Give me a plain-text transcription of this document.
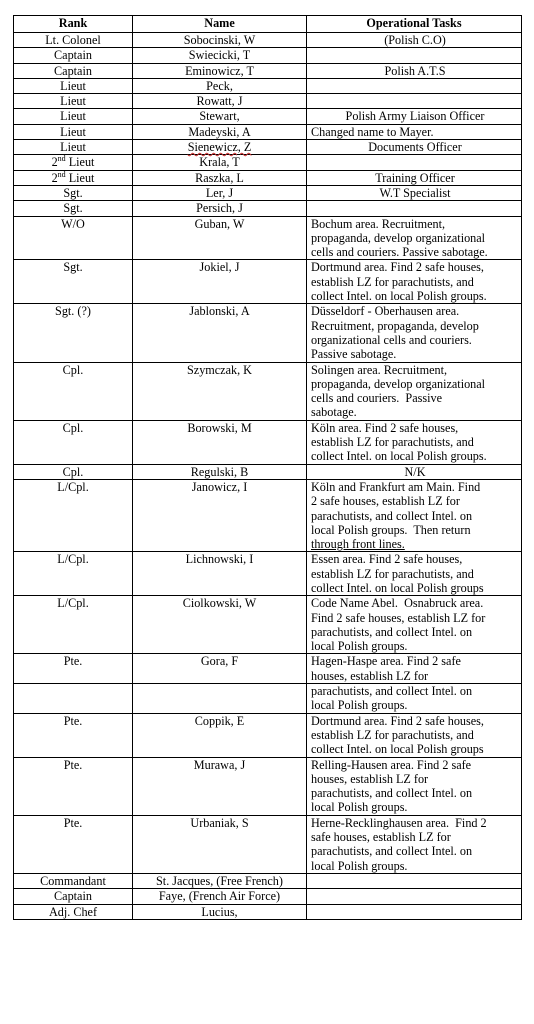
Rank	Name	Operational Tasks
Lt. Colonel	Sobocinski, W	(Polish C.O)
Captain	Swiecicki, T	
Captain	Eminowicz, T	Polish A.T.S
Lieut	Peck,	
Lieut	Rowatt, J	
Lieut	Stewart,	Polish Army Liaison Officer
Lieut	Madeyski, A	Changed name to Mayer.
Lieut	Sienewicz, Z	Documents Officer
2nd Lieut	Krala, T	
2nd Lieut	Raszka, L	Training Officer
Sgt.	Ler, J	W.T Specialist
Sgt.	Persich, J	
W/O	Guban, W	Bochum area. Recruitment,
propaganda, develop organizational
cells and couriers. Passive sabotage.

Sgt.	Jokiel, J	Dortmund area. Find 2 safe houses,
establish LZ for parachutists, and
collect Intel. on local Polish groups.

Sgt. (?)	Jablonski, A	Düsseldorf - Oberhausen area.
Recruitment, propaganda, develop
organizational cells and couriers.
Passive sabotage.

Cpl.	Szymczak, K	Solingen area. Recruitment,
propaganda, develop organizational
cells and couriers.  Passive
sabotage.

Cpl.	Borowski, M	Köln area. Find 2 safe houses,
establish LZ for parachutists, and
collect Intel. on local Polish groups.

Cpl.	Regulski, B	N/K
L/Cpl.	Janowicz, I	Köln and Frankfurt am Main. Find
2 safe houses, establish LZ for
parachutists, and collect Intel. on
local Polish groups.  Then return
through front lines.

L/Cpl.	Lichnowski, I	Essen area. Find 2 safe houses,
establish LZ for parachutists, and
collect Intel. on local Polish groups

L/Cpl.	Ciolkowski, W	Code Name Abel.  Osnabruck area.
Find 2 safe houses, establish LZ for
parachutists, and collect Intel. on
local Polish groups.

Pte.	Gora, F	Hagen-Haspe area. Find 2 safe
houses, establish LZ for

		parachutists, and collect Intel. on
local Polish groups.

Pte.	Coppik, E	Dortmund area. Find 2 safe houses,
establish LZ for parachutists, and
collect Intel. on local Polish groups

Pte.	Murawa, J	Relling-Hausen area. Find 2 safe
houses, establish LZ for
parachutists, and collect Intel. on
local Polish groups.

Pte.	Urbaniak, S	Herne-Recklinghausen area.  Find 2
safe houses, establish LZ for
parachutists, and collect Intel. on
local Polish groups.

Commandant	St. Jacques, (Free French)	
Captain	Faye, (French Air Force)	
Adj. Chef	Lucius,	
